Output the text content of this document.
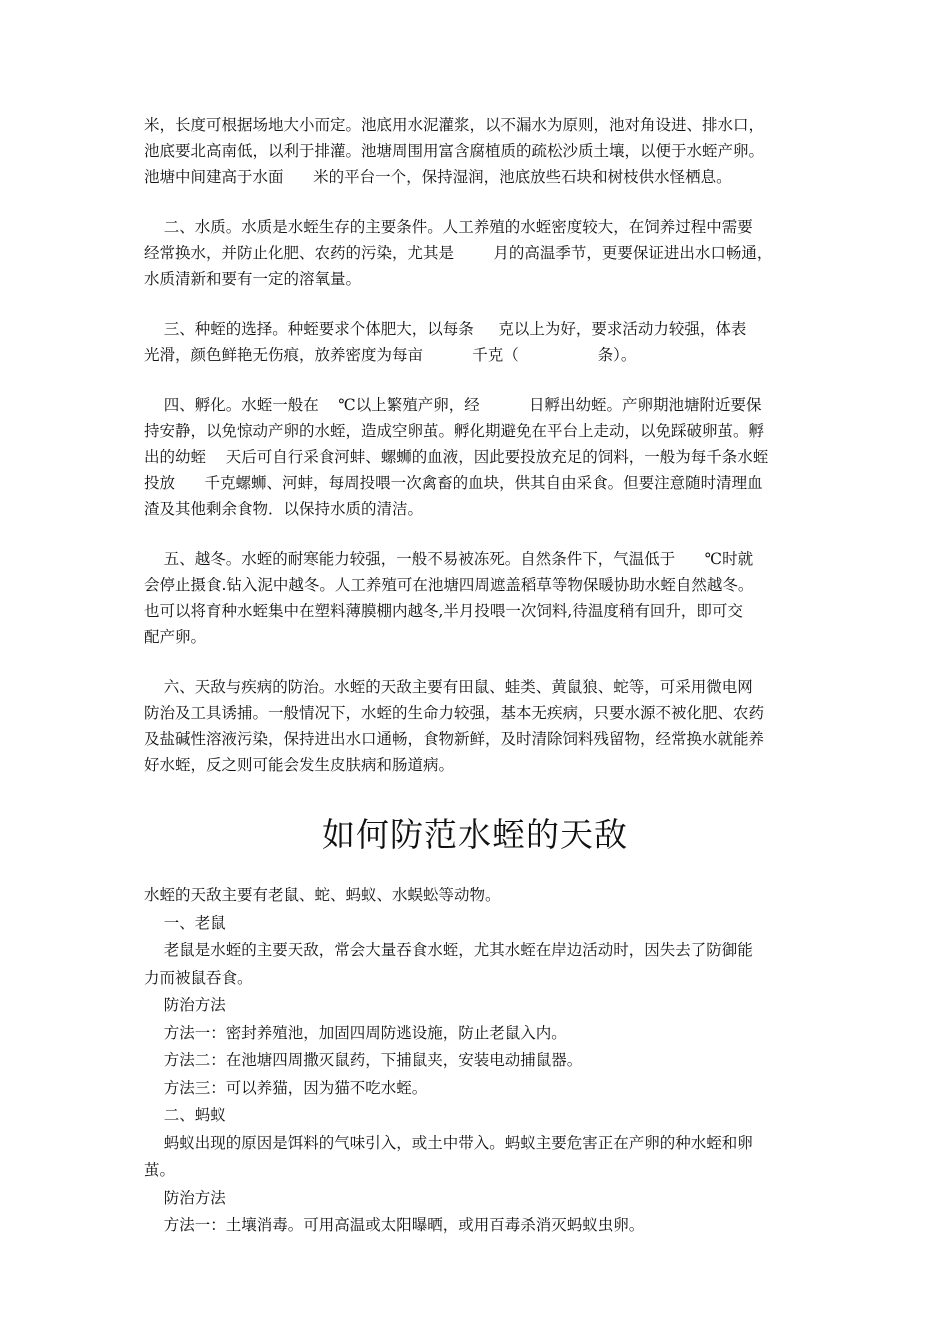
米，长度可根据场地大小而定。池底用水泥灌浆，以不漏水为原则，池对角设进、排水口，
池底要北高南低，以利于排灌。池塘周围用富含腐植质的疏松沙质土壤，以便于水蛭产卵。
池塘中间建高于水面      米的平台一个，保持湿润，池底放些石块和树枝供水怪栖息。
二、水质。水质是水蛭生存的主要条件。人工养殖的水蛭密度较大，在饲养过程中需要
经常换水，并防止化肥、农药的污染，尤其是        月的高温季节，更要保证进出水口畅通，
水质清新和要有一定的溶氧量。
三、种蛭的选择。种蛭要求个体肥大，以每条     克以上为好，要求活动力较强，体表
光滑，颜色鲜艳无伤痕，放养密度为每亩          千克（                条）。
四、孵化。水蛭一般在    ℃以上繁殖产卵，经          日孵出幼蛭。产卵期池塘附近要保
持安静，以免惊动产卵的水蛭，造成空卵茧。孵化期避免在平台上走动，以免踩破卵茧。孵
出的幼蛭    天后可自行采食河蚌、螺蛳的血液，因此要投放充足的饲料，一般为每千条水蛭
投放      千克螺蛳、河蚌，每周投喂一次禽畜的血块，供其自由采食。但要注意随时清理血
渣及其他剩余食物．以保持水质的清洁。
五、越冬。水蛭的耐寒能力较强，一般不易被冻死。自然条件下，气温低于      ℃时就
会停止摄食.钻入泥中越冬。人工养殖可在池塘四周遮盖稻草等物保暖协助水蛭自然越冬。
也可以将育种水蛭集中在塑料薄膜棚内越冬,半月投喂一次饲料,待温度稍有回升，即可交
配产卵。
六、天敌与疾病的防治。水蛭的天敌主要有田鼠、蛙类、黄鼠狼、蛇等，可采用微电网
防治及工具诱捕。一般情况下，水蛭的生命力较强，基本无疾病，只要水源不被化肥、农药
及盐碱性溶液污染，保持进出水口通畅，食物新鲜，及时清除饲料残留物，经常换水就能养
好水蛭，反之则可能会发生皮肤病和肠道病。
如何防范水蛭的天敌
水蛭的天敌主要有老鼠、蛇、蚂蚁、水蜈蚣等动物。
一、老鼠
老鼠是水蛭的主要天敌，常会大量吞食水蛭，尤其水蛭在岸边活动时，因失去了防御能
力而被鼠吞食。
防治方法
方法一：密封养殖池，加固四周防逃设施，防止老鼠入内。
方法二：在池塘四周撒灭鼠药，下捕鼠夹，安装电动捕鼠器。
方法三：可以养猫，因为猫不吃水蛭。
二、蚂蚁
蚂蚁出现的原因是饵料的气味引入，或土中带入。蚂蚁主要危害正在产卵的种水蛭和卵
茧。
防治方法
方法一：土壤消毒。可用高温或太阳曝晒，或用百毒杀消灭蚂蚁虫卵。
